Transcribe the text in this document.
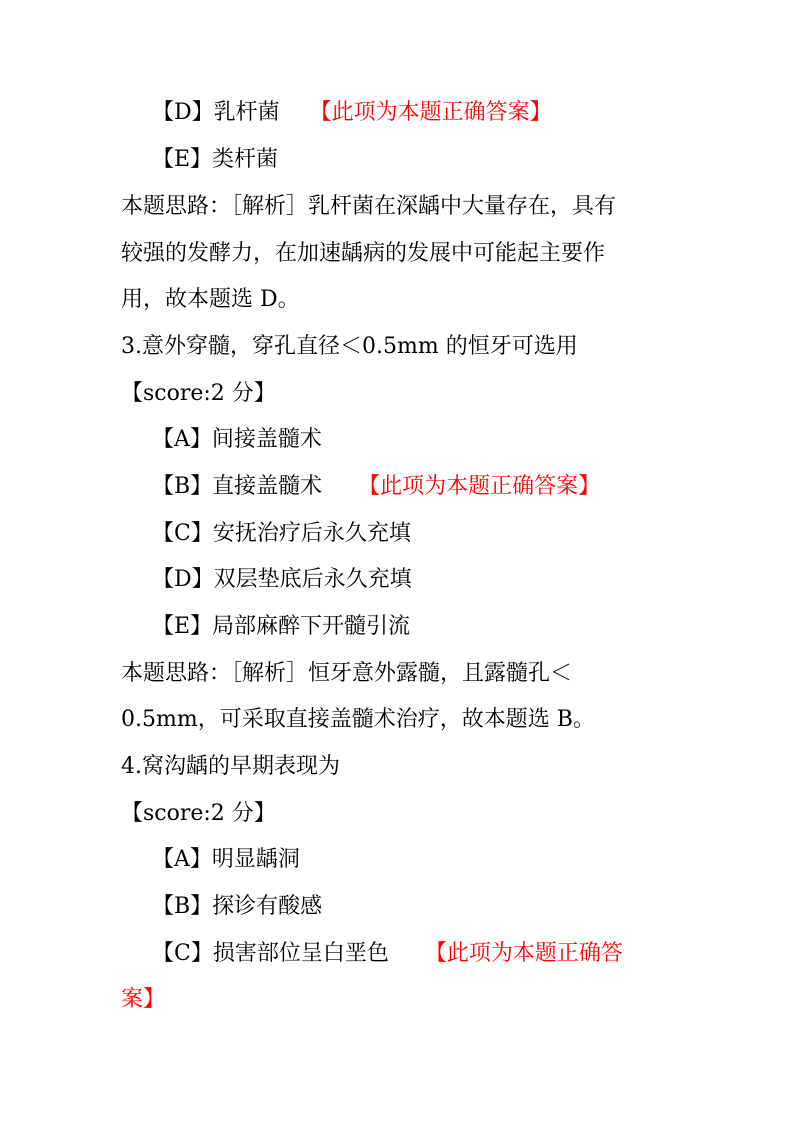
【D】乳杆菌 【此项为本题正确答案】
【E】类杆菌
本题思路：［解析］乳杆菌在深龋中大量存在，具有
较强的发酵力，在加速龋病的发展中可能起主要作
用，故本题选 D。
3.意外穿髓，穿孔直径＜0.5mm 的恒牙可选用
【score:2 分】
【A】间接盖髓术
【B】直接盖髓术 【此项为本题正确答案】
【C】安抚治疗后永久充填
【D】双层垫底后永久充填
【E】局部麻醉下开髓引流
本题思路：［解析］恒牙意外露髓，且露髓孔＜
0.5mm，可采取直接盖髓术治疗，故本题选 B。
4.窝沟龋的早期表现为
【score:2 分】
【A】明显龋洞
【B】探诊有酸感
【C】损害部位呈白垩色 【此项为本题正确答
案】
